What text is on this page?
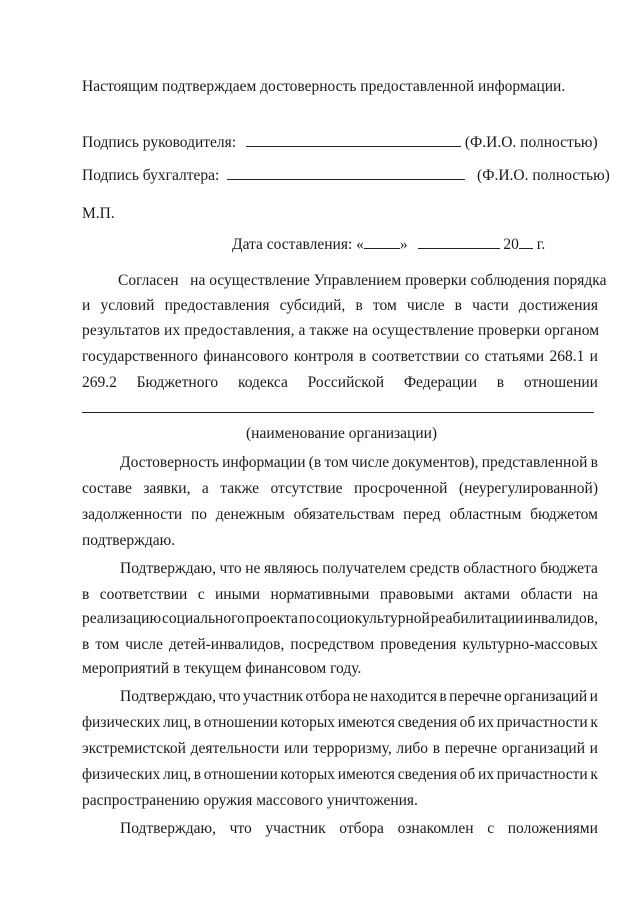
Настоящим подтверждаем достоверность предоставленной информации.
Подпись руководителя:	(Ф.И.О. полностью)
Подпись бухгалтера:	(Ф.И.О. полностью)
М.П.
Дата составления: « »	20 г.
Согласен на осуществление Управлением проверки соблюдения порядка
и условий предоставления субсидий, в том числе в части достижения
результатов их предоставления, а также на осуществление проверки органом
государственного финансового контроля в соответствии со статьями 268.1 и
269.2 Бюджетного кодекса Российской Федерации в отношении
(наименование организации)
Достоверность информации (в том числе документов), представленной в
составе заявки, а также отсутствие просроченной (неурегулированной)
задолженности по денежным обязательствам перед областным бюджетом
подтверждаю.
Подтверждаю, что не являюсь получателем средств областного бюджета
в соответствии с иными нормативными правовыми актами области на
реализацию социального проекта по социокультурной реабилитации инвалидов,
в том числе детей-инвалидов, посредством проведения культурно-массовых
мероприятий в текущем финансовом году.
Подтверждаю, что участник отбора не находится в перечне организаций и
физических лиц, в отношении которых имеются сведения об их причастности к
экстремистской деятельности или терроризму, либо в перечне организаций и
физических лиц, в отношении которых имеются сведения об их причастности к
распространению оружия массового уничтожения.
Подтверждаю, что участник отбора ознакомлен с положениями
